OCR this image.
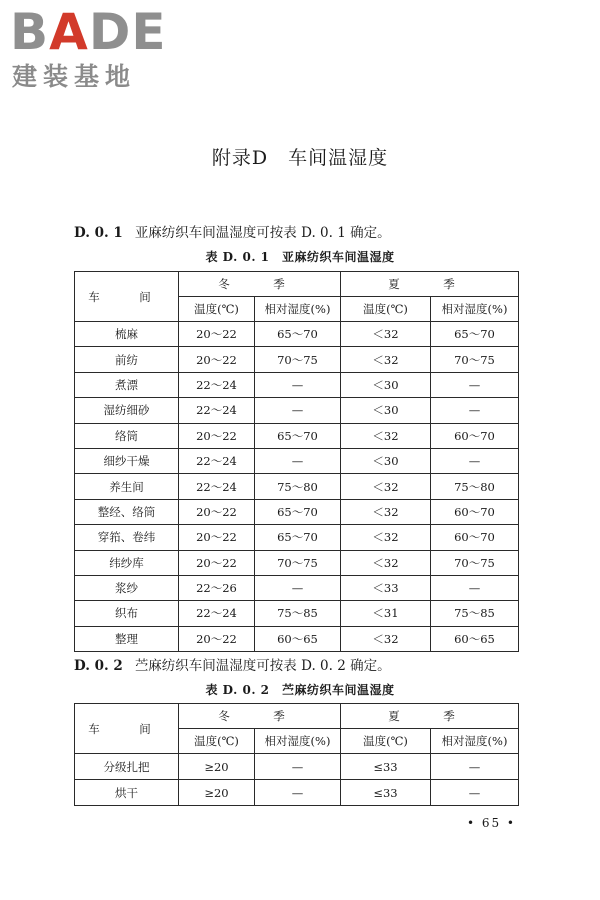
BADE
建装基地
附录D　车间温湿度
D. 0. 1 亚麻纺织车间温湿度可按表 D. 0. 1 确定。
表 D. 0. 1　亚麻纺织车间温湿度
车　间	冬　季		夏　季	
	温度(℃)	相对湿度(%)	温度(℃)	相对湿度(%)
梳麻	20～22	65～70	＜32	65～70
前纺	20～22	70～75	＜32	70～75
煮漂	22～24	—	＜30	—
湿纺细砂	22～24	—	＜30	—
络筒	20～22	65～70	＜32	60～70
细纱干燥	22～24	—	＜30	—
养生间	22～24	75～80	＜32	75～80
整经、络筒	20～22	65～70	＜32	60～70
穿筘、卷纬	20～22	65～70	＜32	60～70
纬纱库	20～22	70～75	＜32	70～75
浆纱	22～26	—	＜33	—
织布	22～24	75～85	＜31	75～85
整理	20～22	60～65	＜32	60～65
D. 0. 2 苎麻纺织车间温湿度可按表 D. 0. 2 确定。
表 D. 0. 2　苎麻纺织车间温湿度
车　间	冬　季		夏　季	
	温度(℃)	相对湿度(%)	温度(℃)	相对湿度(%)
分级扎把	≥20	—	≤33	—
烘干	≥20	—	≤33	—
• 65 •
